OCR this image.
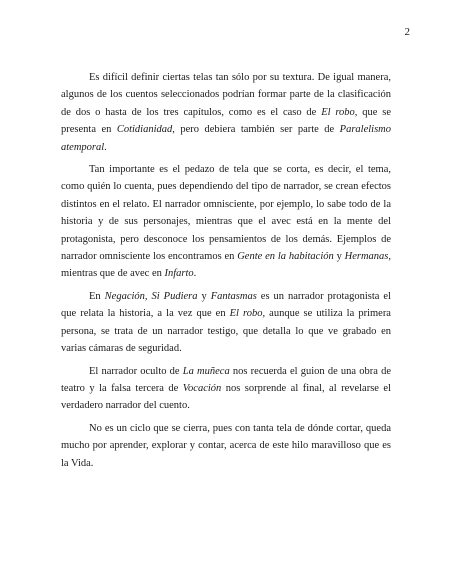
2

Es difícil definir ciertas telas tan sólo por su textura. De igual manera, algunos de los cuentos seleccionados podrían formar parte de la clasificación de dos o hasta de los tres capítulos, como es el caso de El robo, que se presenta en Cotidianidad, pero debiera también ser parte de Paralelismo atemporal.

Tan importante es el pedazo de tela que se corta, es decir, el tema, como quién lo cuenta, pues dependiendo del tipo de narrador, se crean efectos distintos en el relato. El narrador omnisciente, por ejemplo, lo sabe todo de la historia y de sus personajes, mientras que el avec está en la mente del protagonista, pero desconoce los pensamientos de los demás. Ejemplos de narrador omnisciente los encontramos en Gente en la habitación y Hermanas, mientras que de avec en Infarto.

En Negación, Si Pudiera y Fantasmas es un narrador protagonista el que relata la historia, a la vez que en El robo, aunque se utiliza la primera persona, se trata de un narrador testigo, que detalla lo que ve grabado en varias cámaras de seguridad.

El narrador oculto de La muñeca nos recuerda el guion de una obra de teatro y la falsa tercera de Vocación nos sorprende al final, al revelarse el verdadero narrador del cuento.

No es un ciclo que se cierra, pues con tanta tela de dónde cortar, queda mucho por aprender, explorar y contar, acerca de este hilo maravilloso que es la Vida.
